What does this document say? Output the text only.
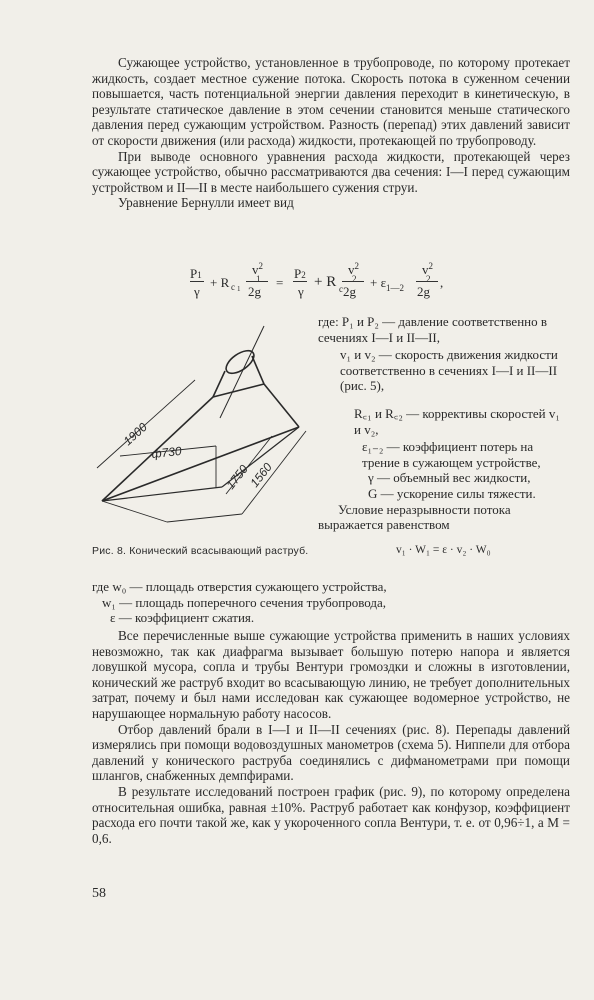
Сужающее устройство, установленное в трубопроводе, по которому протекает жидкость, создает местное сужение потока. Скорость потока в суженном сечении повышается, часть потенциальной энергии давления переходит в кинетическую, в результате статическое давление в этом сечении становится меньше статического давления перед сужающим устройством. Разность (перепад) этих давлений зависит от скорости движения (или расхода) жидкости, протекающей по трубопроводу.

При выводе основного уравнения расхода жидкости, протекающей через сужающее устройство, обычно рассматриваются два сечения: I—I перед сужающим устройством и II—II в месте наибольшего сужения струи.

Уравнение Бернулли имеет вид

P1
γ
+ R c 1
$v^2$
1
2g
=
P2
γ
+ R c
$v^2$
2
2g
+ ε 1—2
$v^2$
2
2g
,
1900
ф730
1750
1560

где: P₁ и P₂ — давление соответственно в сечениях I—I и II—II,

v₁ и v₂ — скорость движения жидкости соответственно в сечениях I—I и II—II (рис. 5),

R꜀₁ и R꜀₂ — коррективы скоростей v₁ и v₂,

ε₁₋₂ — коэффициент потерь на трение в сужающем устройстве,

γ — объемный вес жидкости,

G — ускорение силы тяжести.

Условие неразрывности потока выражается равенством

Рис. 8. Конический всасывающий раструб.	v₁ · W₁ = ε · v₂ · W₀

где w₀ — площадь отверстия сужающего устройства,

w₁ — площадь поперечного сечения трубопровода,

ε — коэффициент сжатия.

Все перечисленные выше сужающие устройства применить в наших условиях невозможно, так как диафрагма вызывает большую потерю напора и является ловушкой мусора, сопла и трубы Вентури громоздки и сложны в изготовлении, конический же раструб входит во всасывающую линию, не требует дополнительных затрат, почему и был нами исследован как сужающее водомерное устройство, не нарушающее нормальную работу насосов.

Отбор давлений брали в I—I и II—II сечениях (рис. 8). Перепады давлений измерялись при помощи водовоздушных манометров (схема 5). Ниппели для отбора давлений у конического раструба соединялись с дифманометрами при помощи шлангов, снабженных демпфирами.

В результате исследований построен график (рис. 9), по которому определена относительная ошибка, равная ±10%. Раструб работает как конфузор, коэффициент расхода его почти такой же, как у укороченного сопла Вентури, т. е. от 0,96÷1, а M = 0,6.

58
